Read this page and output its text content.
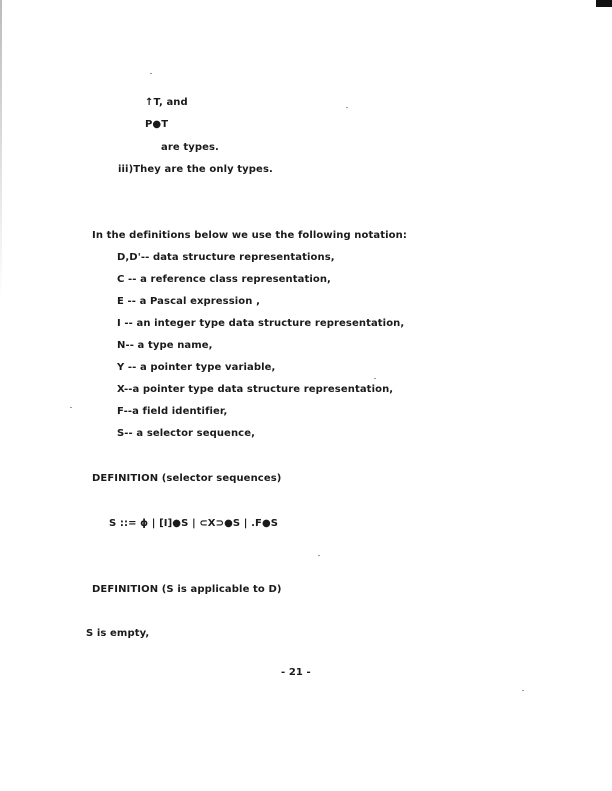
↑T, and
P●T
are types.
iii)They are the only types.
In the definitions below we use the following notation:
D,D'-- data structure representations,
C -- a reference class representation,
E -- a Pascal expression ,
I -- an integer type data structure representation,
N-- a type name,
Y -- a pointer type variable,
X--a pointer type data structure representation,
F--a field identifier,
S-- a selector sequence,
DEFINITION (selector sequences)
S ::= ϕ | [I]●S | ⊂X⊃●S | .F●S
DEFINITION (S is applicable to D)
S is empty,
- 21 -
